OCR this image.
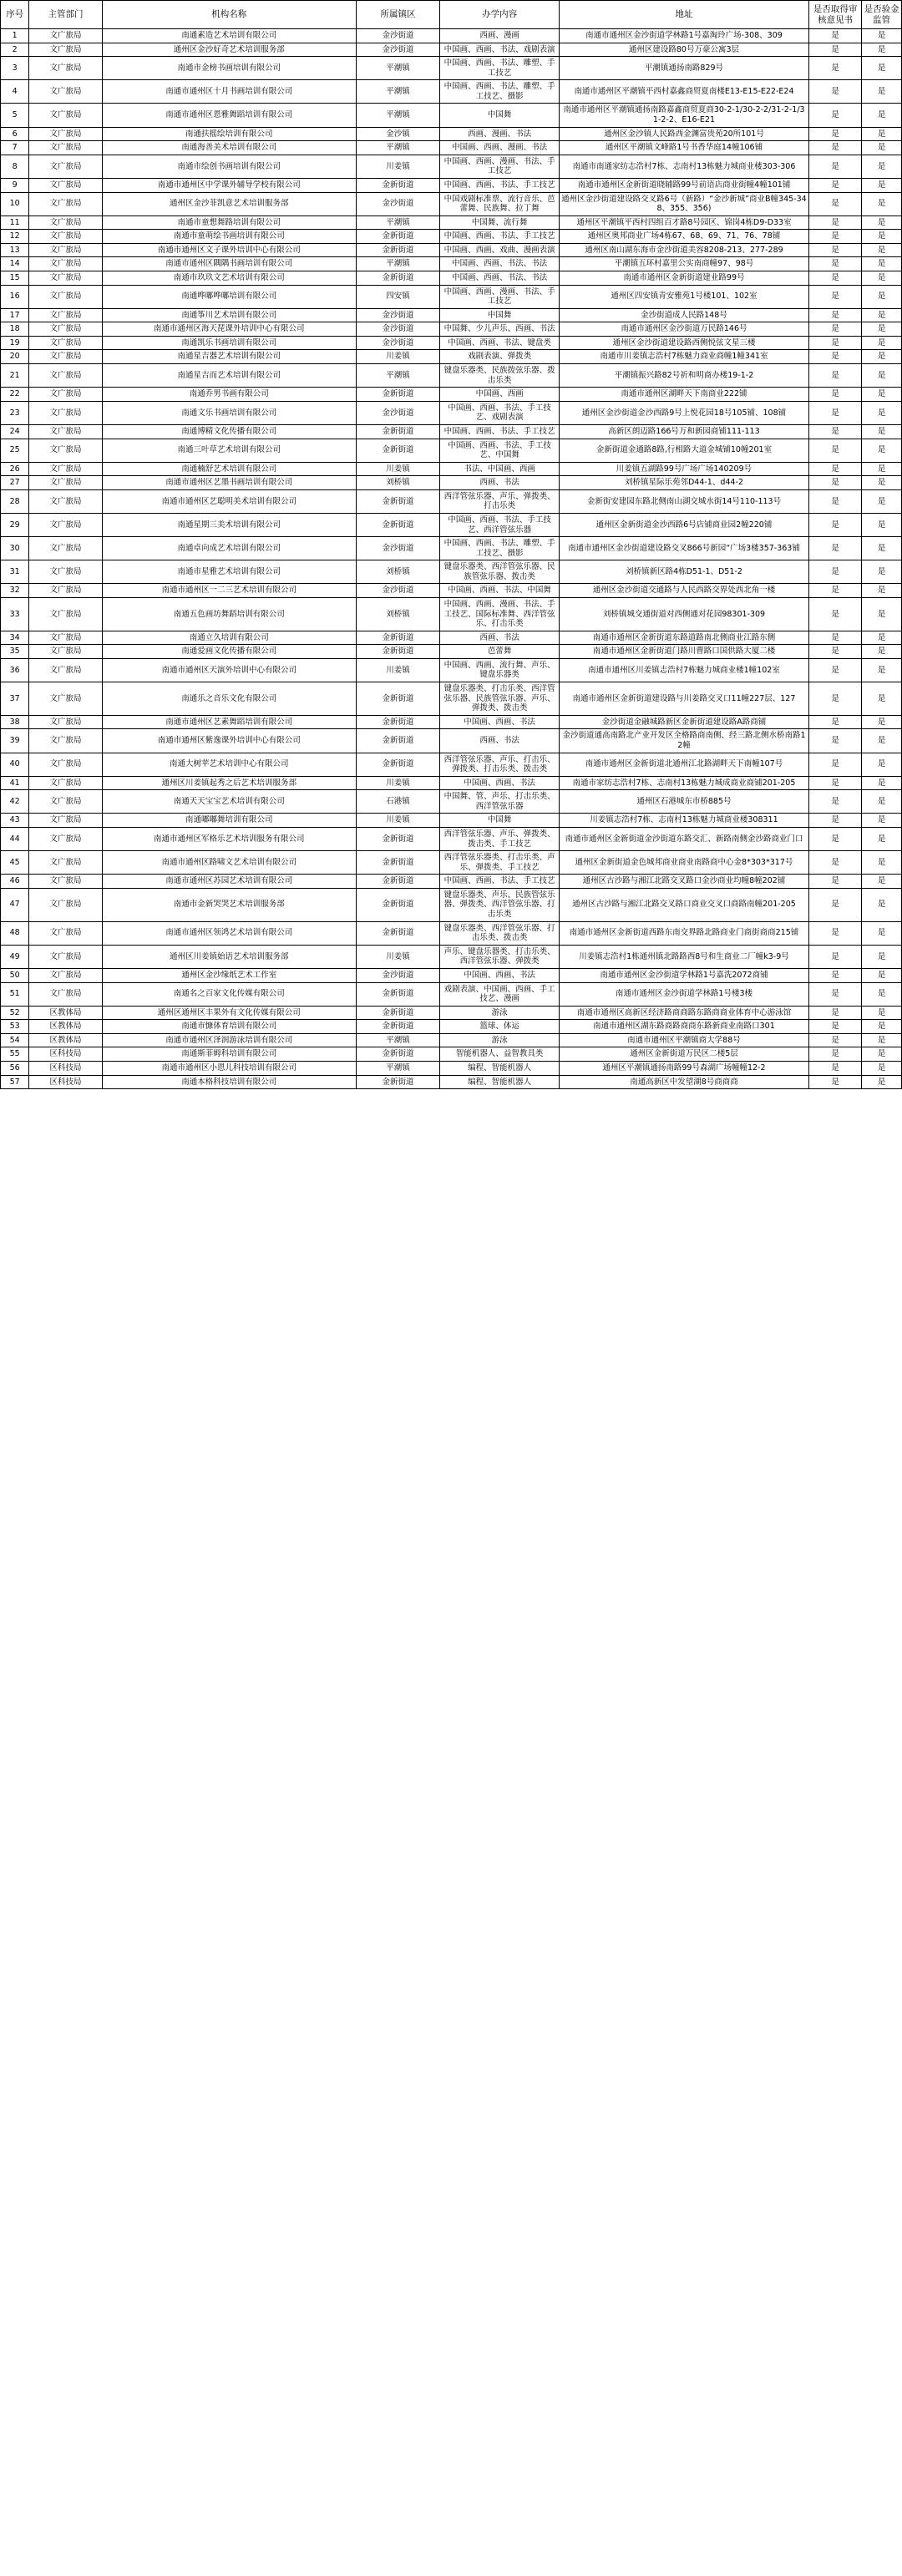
序号	主管部门	机构名称	所属镇区	办学内容	地址	是否取得审核意见书	是否验金监管
1	文广旅局	南通素造艺术培训有限公司	金沙街道	西画、漫画	南通市通州区金沙街道学林路1号嘉淘玲广场-308、309	是	是
2	文广旅局	通州区金沙好奇艺术培训服务部	金沙街道	中国画、西画、书法、戏剧表演	通州区建设路80号万豪公寓3层	是	是
3	文广旅局	南通市金榜书画培训有限公司	平潮镇	中国画、西画、书法、雕塑、手工技艺	平潮镇通扬南路829号	是	是
4	文广旅局	南通市通州区十月书画培训有限公司	平潮镇	中国画、西画、书法、雕塑、手工技艺、摄影	南通市通州区平潮镇平西村嘉鑫商贸夏南楼E13-E15-E22-E24	是	是
5	文广旅局	南通市通州区恩雅舞蹈培训有限公司	平潮镇	中国舞	南通市通州区平潮镇通扬南路嘉鑫商贸夏商30-2-1/30-2-2/31-2-1/31-2-2、E16-E21	是	是
6	文广旅局	南通扶摇绘培训有限公司	金沙镇	西画、漫画、书法	通州区金沙镇人民路西金渊富贵苑20所101号	是	是
7	文广旅局	南通海善美术培训有限公司	平潮镇	中国画、西画、漫画、书法	通州区平潮镇文峰路1号书香华庭14幢106铺	是	是
8	文广旅局	南通市绘创书画培训有限公司	川姜镇	中国画、西画、漫画、书法、手工技艺	南通市南通家纺志浩村7栋、志南村13栋魅力城商业楼303-306	是	是
9	文广旅局	南通市通州区中学课外辅导学校有限公司	金新街道	中国画、西画、书法、手工技艺	南通市通州区金新街道晓辅路99号前语店商业街幢4幢101铺	是	是
10	文广旅局	通州区金沙菲凯意艺术培训服务部	金沙街道	中国戏剧标准票、流行音乐、芭蕾舞、民族舞、拉丁舞	通州区金沙街道建设路交叉路6号（新路）“金沙新城”商业B幢345-348、355、356)	是	是
11	文广旅局	南通市童想舞路培训有限公司	平潮镇	中国舞、流行舞	通州区平潮镇平西村四组百才路8号园区、锦岗4栋D9-D33室	是	是
12	文广旅局	南通市童萌绘书画培训有限公司	金新街道	中国画、西画、书法、手工技艺	通州区奥邦商业广场4栋67、68、69、71、76、78铺	是	是
13	文广旅局	南通市通州区文子课外培训中心有限公司	金新街道	中国画、西画、戏曲、漫画表演	通州区南山湖东海市金沙街道美容8208-213、277-289	是	是
14	文广旅局	南通市通州区隅隅书画培训有限公司	平潮镇	中国画、西画、书法、书法	平潮镇五环村嘉里公实南商幢97、98号	是	是
15	文广旅局	南通市玖玖文艺术培训有限公司	金新街道	中国画、西画、书法、书法	南通市通州区金新街道建业路99号	是	是
16	文广旅局	南通哗嘟哗嘟培训有限公司	四安镇	中国画、西画、漫画、书法、手工技艺	通州区四安镇青安雅苑1号楼101、102室	是	是
17	文广旅局	南通筝川艺术培训有限公司	金沙街道	中国舞	金沙街道成人民路148号	是	是
18	文广旅局	南通市通州区海天琵课外培训中心有限公司	金沙街道	中国舞、少儿声乐、西画、书法	南通市通州区金沙街道万民路146号	是	是
19	文广旅局	南通凯乐书画培训有限公司	金沙街道	中国画、西画、书法、键盘类	通州区金沙街道建设路西侧悦弦文星三楼	是	是
20	文广旅局	南通星吉器艺术培训有限公司	川姜镇	戏剧表演、弹拨类	南通市川姜镇志浩村7栋魅力商业商幢1幢341室	是	是
21	文广旅局	南通星吉而艺术培训有限公司	平潮镇	键盘乐器类、民族拨弦乐器、拨击乐类	平潮镇振兴路82号祈和明商办楼19-1-2	是	是
22	文广旅局	南通乔男书画有限公司	金新街道	中国画、西画	南通市通州区湖畔天下南商业222铺	是	是
23	文广旅局	南通文乐书画培训有限公司	金沙街道	中国画、西画、书法、手工技艺、戏剧表演	通州区金沙街道金沙西路9号上悦花园18号105铺、108铺	是	是
24	文广旅局	南通博精文化传播有限公司	金新街道	中国画、西画、书法、手工技艺	高新区朗迈路166号万和新园商铺111-113	是	是
25	文广旅局	南通三叶草艺术培训有限公司	金新街道	中国画、西画、书法、手工技艺、中国舞	金新街道金通路8路,行相路大道金城铺10幢201室	是	是
26	文广旅局	南通楠舒艺术培训有限公司	川姜镇	书法、中国画、西画	川姜镇五湖路99号广场广场140209号	是	是
27	文广旅局	南通市通州区艺墨书画培训有限公司	刘桥镇	西画、书法	刘桥镇星际乐苑邻D44-1、d44-2	是	是
28	文广旅局	南通市通州区艺聪明美术培训有限公司	金新街道	西洋管弦乐器、声乐、弹拨类、打击乐类	金新街安建园东路北侧南山湖交城水街14号110-113号	是	是
29	文广旅局	南通星期三美术培训有限公司	金新街道	中国画、西画、书法、手工技艺、西洋管弦乐器	通州区金新街道金沙西路6号店铺商业园2幢220铺	是	是
30	文广旅局	南通卓向成艺术培训有限公司	金沙街道	中国画、西画、书法、雕塑、手工技艺、摄影	南通市通州区金沙街道建设路交叉866号新园“广场3楼357-363铺	是	是
31	文广旅局	南通市星雅艺术培训有限公司	刘桥镇	键盘乐器类、西洋管弦乐器、民族管弦乐器、拨击类	刘桥镇新区路4栋D51-1、D51-2	是	是
32	文广旅局	南通市通州区一二三艺术培训有限公司	金沙街道	中国画、西画、书法、中国舞	通州区金沙街道交通路与人民西路交界处西北角一楼	是	是
33	文广旅局	南通五色画坊舞蹈培训有限公司	刘桥镇	中国画、西画、漫画、书法、手工技艺、国际标准舞、西洋管弦乐、打击乐类	刘桥镇城交通街道对西侧通对花园98301-309	是	是
34	文广旅局	南通立久培训有限公司	金新街道	西画、书法	南通市通州区金新街道东路道路南北侧商业江路东侧	是	是
35	文广旅局	南通爱画文化传播有限公司	金新街道	芭蕾舞	南通市通州区金新街道门路川曹路口国供路大厦二楼	是	是
36	文广旅局	南通市通州区天演外培训中心有限公司	川姜镇	中国画、西画、流行舞、声乐、键盘乐器类	南通市通州区川姜镇志浩村7栋魅力城商业楼1幢102室	是	是
37	文广旅局	南通乐之音乐文化有限公司	金新街道	键盘乐器类、打击乐类、西洋管弦乐器、民族管弦乐器、声乐、弹拨类、拨击类	南通市通州区金新街道建设路与川姜路交叉口11幢227层、127	是	是
38	文广旅局	南通市通州区艺素舞蹈培训有限公司	金新街道	中国画、西画、书法	金沙街道金融城路新区金新街道建设路A路商铺	是	是
39	文广旅局	南通市通州区紫逸课外培训中心有限公司	金新街道	西画、书法	金沙街道通高南路北产业开发区全格路商南侧、经三路北侧水桥南路12幢	是	是
40	文广旅局	南通大树苹艺术培训中心有限公司	金新街道	西洋管弦乐器、声乐、打击乐、弹拨类、打击乐类、拨击类	南通市通州区金新街道北通州江北路湖畔天下南幢107号	是	是
41	文广旅局	通州区川姜镇起秀之后艺术培训服务部	川姜镇	中国画、西画、书法	南通市家纺志浩村7栋、志南村13栋魅力城成商业商铺201-205	是	是
42	文广旅局	南通天天宝宝艺术培训有限公司	石港镇	中国舞、管、声乐、打击乐类、西洋管弦乐器	通州区石港城东市桥885号	是	是
43	文广旅局	南通嘟嘟舞培训有限公司	川姜镇	中国舞	川姜镇志浩村7栋、志南村13栋魅力城商业楼308311	是	是
44	文广旅局	南通市通州区军格乐艺术培训服务有限公司	金新街道	西洋管弦乐器、声乐、弹拨类、拨击类、手工技艺	南通市通州区金新街道金沙街道东路交汇、新路南侧金沙路商业门口	是	是
45	文广旅局	南通市通州区路啸文艺术培训有限公司	金新街道	西洋管弦乐器类、打击乐类、声乐、弹拨类、手工技艺	通州区金新街道金色城邦商业商业南路商中心金8*303*317号	是	是
46	文广旅局	南通市通州区苏园艺术培训有限公司	金新街道	中国画、西画、书法、手工技艺	通州区古沙路与湘江北路交叉路口金沙商业均幢8幢202铺	是	是
47	文广旅局	南通市金新哭哭艺术培训服务部	金新街道	键盘乐器类、声乐、民族管弦乐器、弹拨类、西洋管弦乐器、打击乐类	通州区古沙路与湘江北路交叉路口商业交叉口商路南幢201-205	是	是
48	文广旅局	南通市通州区领鸿艺术培训有限公司	金新街道	键盘乐器类、西洋管弦乐器、打击乐类、拨击类	南通市通州区金新街道西路东南交界路北路商业门商街商商215铺	是	是
49	文广旅局	通州区川姜镇始语艺术培训服务部	川姜镇	声乐、键盘乐器类、打击乐类、西洋管弦乐器、弹拨类	川姜镇志浩村1栋通州镇北路路西8号和生商业二厂幢k3-9号	是	是
50	文广旅局	通州区金沙缘纸艺术工作室	金沙街道	中国画、西画、书法	南通市通州区金沙街道学林路1号嘉洗2072商铺	是	是
51	文广旅局	南通名之百家文化传媒有限公司	金新街道	戏剧表演、中国画、西画、手工技艺、漫画	南通市通州区金沙街道学林路1号楼3楼	是	是
52	区教体局	通州区通州区丰果外有文化传媒有限公司	金新街道	游泳	南通市通州区高新区经济路商商路东路商商业体育中心游泳馆	是	是
53	区教体局	南通市慷体育培训有限公司	金新街道	篮球、体运	南通市通州区湖东路商路商商东路新商业南路口301	是	是
54	区教体局	南通市通州区泽润游泳培训有限公司	平潮镇	游泳	南通市通州区平潮镇商大学88号	是	是
55	区科技局	南通斯菲姆科培训有限公司	金新街道	智能机器人、益智教具类	通州区金新街道万民区二楼5层	是	是
56	区科技局	南通市通州区小恩儿科技培训有限公司	平潮镇	编程、智能机器人	通州区平潮镇通扬南路99号森湖广场幢幢12-2	是	是
57	区科技局	南通本格科技培训有限公司	金新街道	编程、智能机器人	南通高新区中发望湖8号商商商	是	是
